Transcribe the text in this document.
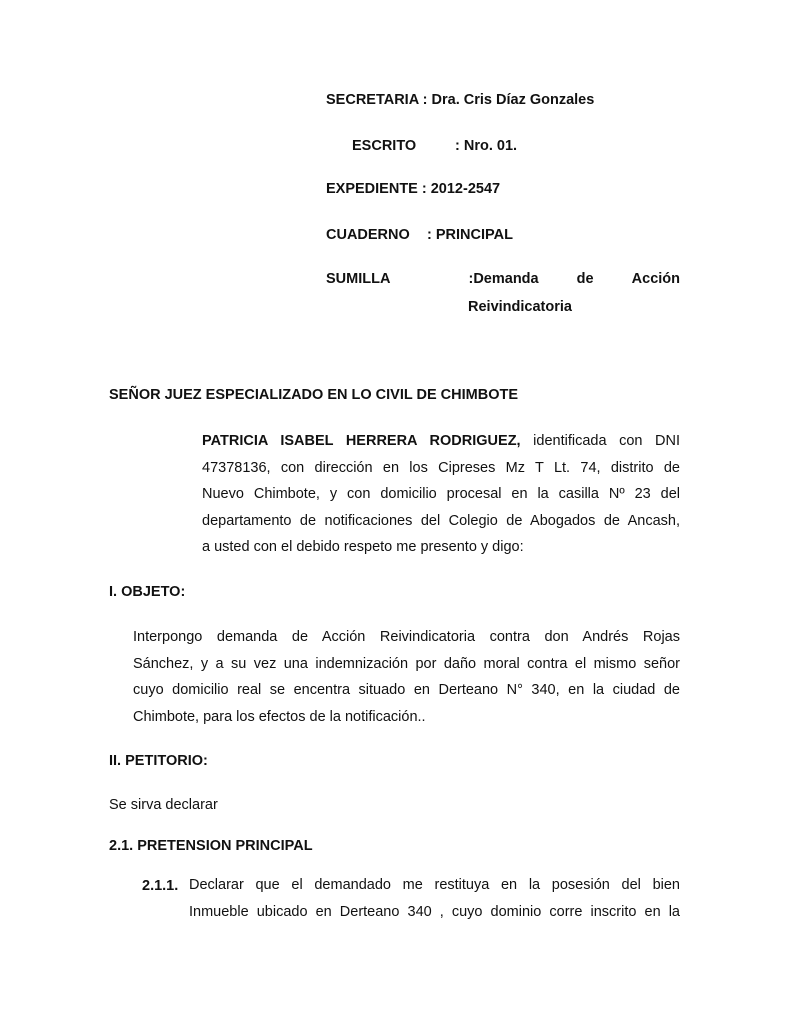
SECRETARIA : Dra. Cris Díaz Gonzales
ESCRITO	: Nro. 01.
EXPEDIENTE : 2012-2547
CUADERNO : PRINCIPAL
SUMILLA	:Demanda	de	Acción
Reivindicatoria
SEÑOR JUEZ ESPECIALIZADO EN LO CIVIL DE CHIMBOTE
PATRICIA ISABEL HERRERA RODRIGUEZ, identificada con DNI
47378136, con dirección en los Cipreses Mz T Lt. 74, distrito de
Nuevo Chimbote, y con domicilio procesal en la casilla Nº 23 del
departamento de notificaciones del Colegio de Abogados de Ancash,
a usted con el debido respeto me presento y digo:
I. OBJETO:
Interpongo demanda de Acción Reivindicatoria contra don Andrés Rojas
Sánchez, y a su vez una indemnización por daño moral contra el mismo señor
cuyo domicilio real se encentra situado en Derteano N° 340, en la ciudad de
Chimbote, para los efectos de la notificación..
II. PETITORIO:
Se sirva declarar
2.1. PRETENSION PRINCIPAL
2.1.1. Declarar que el demandado me restituya en la posesión del bien
Inmueble ubicado en Derteano 340 , cuyo dominio corre inscrito en la
